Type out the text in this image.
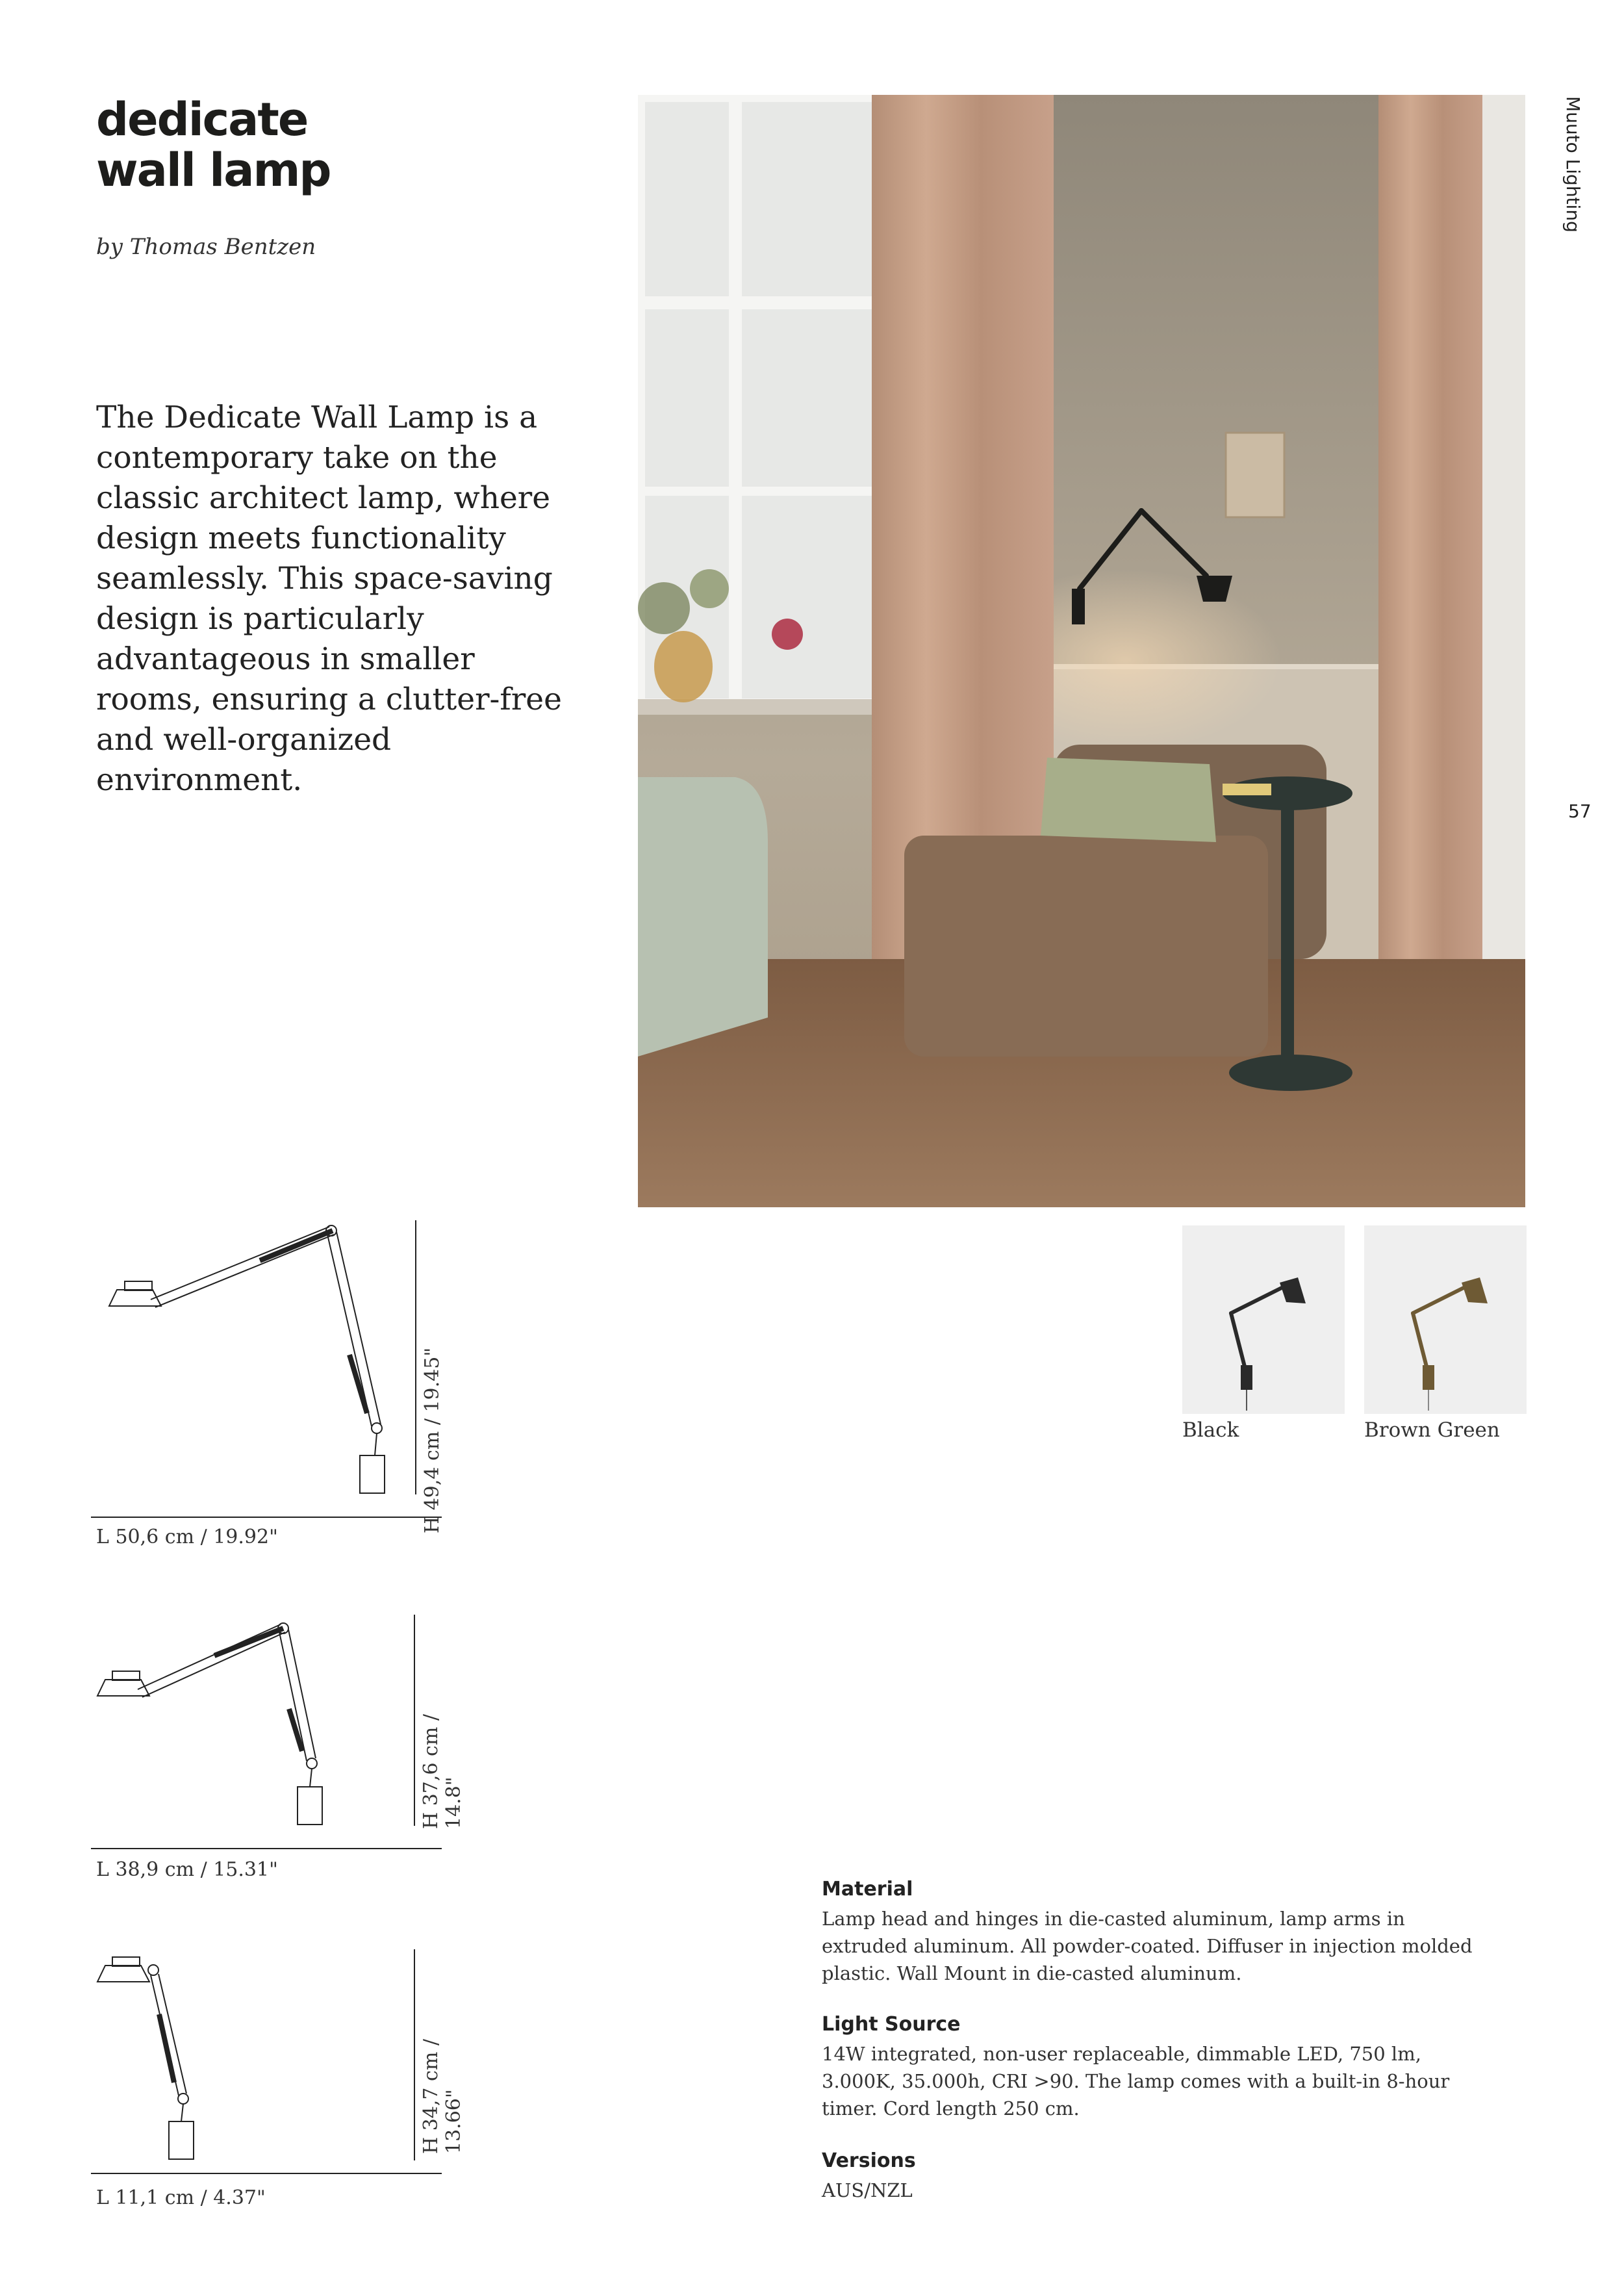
dedicate
wall lamp
by Thomas Bentzen

The Dedicate Wall Lamp is a contemporary take on the classic architect lamp, where design meets functionality seamlessly. This space-saving design is particularly advantageous in smaller rooms, ensuring a clutter-free and well-organized environment.

Muuto Lighting
57
Black	Brown Green
H 49,4 cm / 19.45"
L 50,6 cm / 19.92"
H 37,6 cm / 14.8"
L 38,9 cm / 15.31"
H 34,7 cm / 13.66"
L 11,1 cm / 4.37"
Material

Lamp head and hinges in die-casted aluminum, lamp arms in extruded aluminum. All powder-coated. Diffuser in injection molded plastic. Wall Mount in die-casted aluminum.

Light Source

14W integrated, non-user replaceable, dimmable LED, 750 lm, 3.000K, 35.000h, CRI >90. The lamp comes with a built-in 8-hour timer. Cord length 250 cm.

Versions

AUS/NZL
